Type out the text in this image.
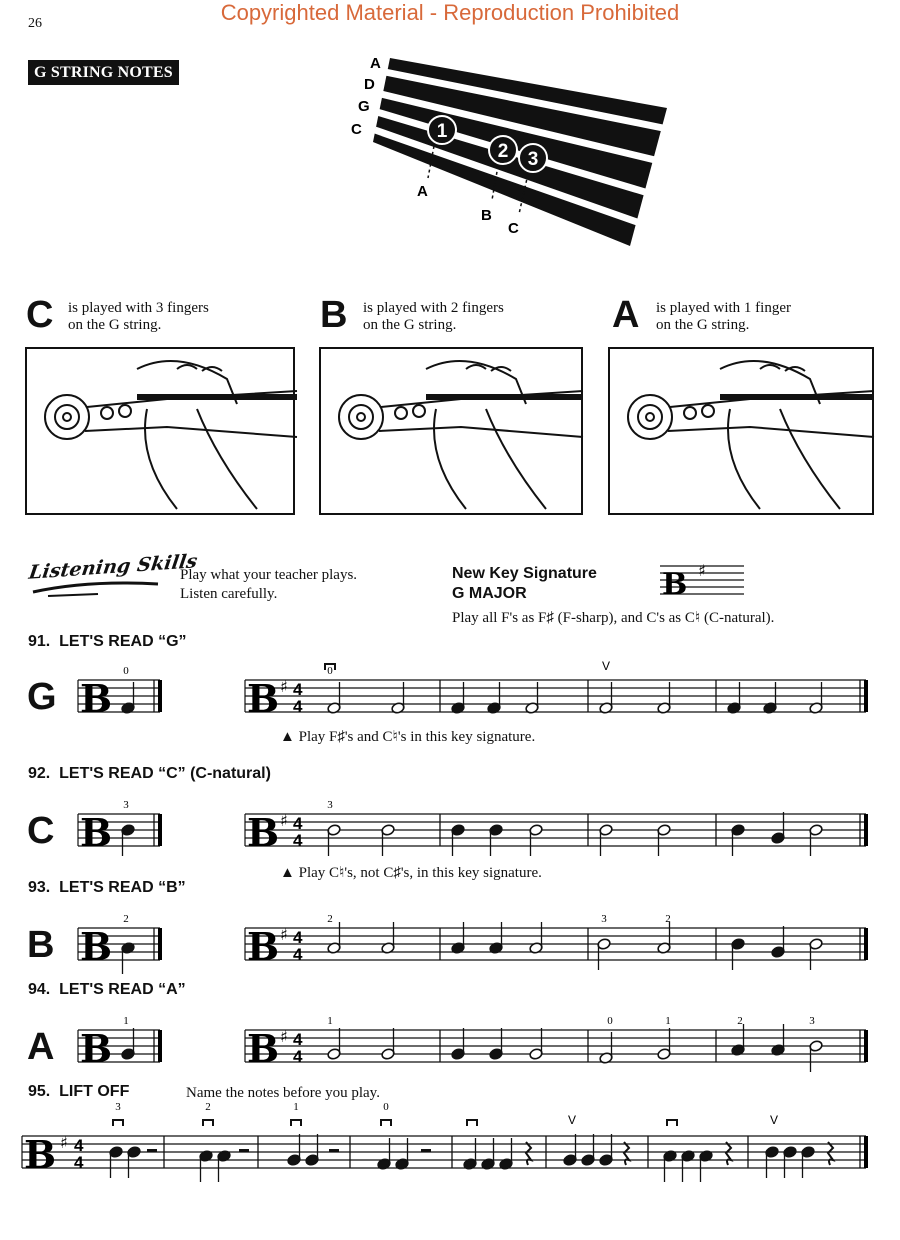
26	Copyrighted Material - Reproduction Prohibited
G STRING NOTES
A
D
G
C	1
2 3
A
B
C
C is played with 3 fingers
on the G string.	B is played with 2 fingers
on the G string.	A is played with 1 finger
on the G string.
Listening Skills
Play what your teacher plays.
Listen carefully.
New Key Signature
G MAJOR
Play all F's as F♯ (F-sharp), and C's as C♮ (C-natural).
B ♯
91. LET'S READ “G”
92. LET'S READ “C” (C-natural)
93. LET'S READ “B”
94. LET'S READ “A”
95. LIFT OFF	Name the notes before you play.
▲ Play F♯'s and C♮'s in this key signature.
▲ Play C♮'s, not C♯'s, in this key signature.
G
C
B
A
B
0
B ♯ 4
4
0	V
B
3
B ♯ 4
4
3
B
2
B ♯ 4
4
2	3	2
B
1
B ♯ 4
4
1	0	1	2	3
B ♯ 4
4
3	2	1	0
V	V
